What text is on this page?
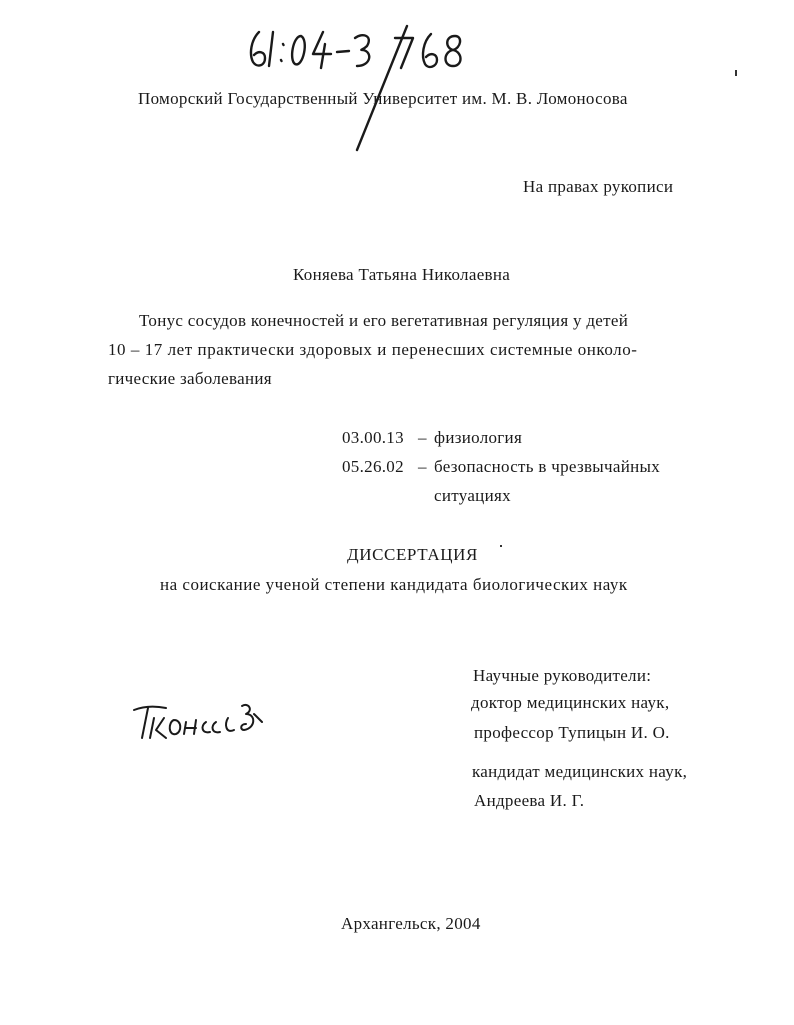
Поморский Государственный Университет им. М. В. Ломоносова
На правах рукописи
Коняева Татьяна Николаевна
Тонус сосудов конечностей и его вегетативная регуляция у детей
10 – 17 лет практически здоровых и перенесших системные онколо-
гические заболевания
03.00.13 – физиология
05.26.02 – безопасность в чрезвычайных
ситуациях
ДИССЕРТАЦИЯ
на соискание ученой степени кандидата биологических наук
Научные руководители:
доктор медицинских наук,
профессор Тупицын И. О.
кандидат медицинских наук,
Андреева И. Г.
Архангельск, 2004
